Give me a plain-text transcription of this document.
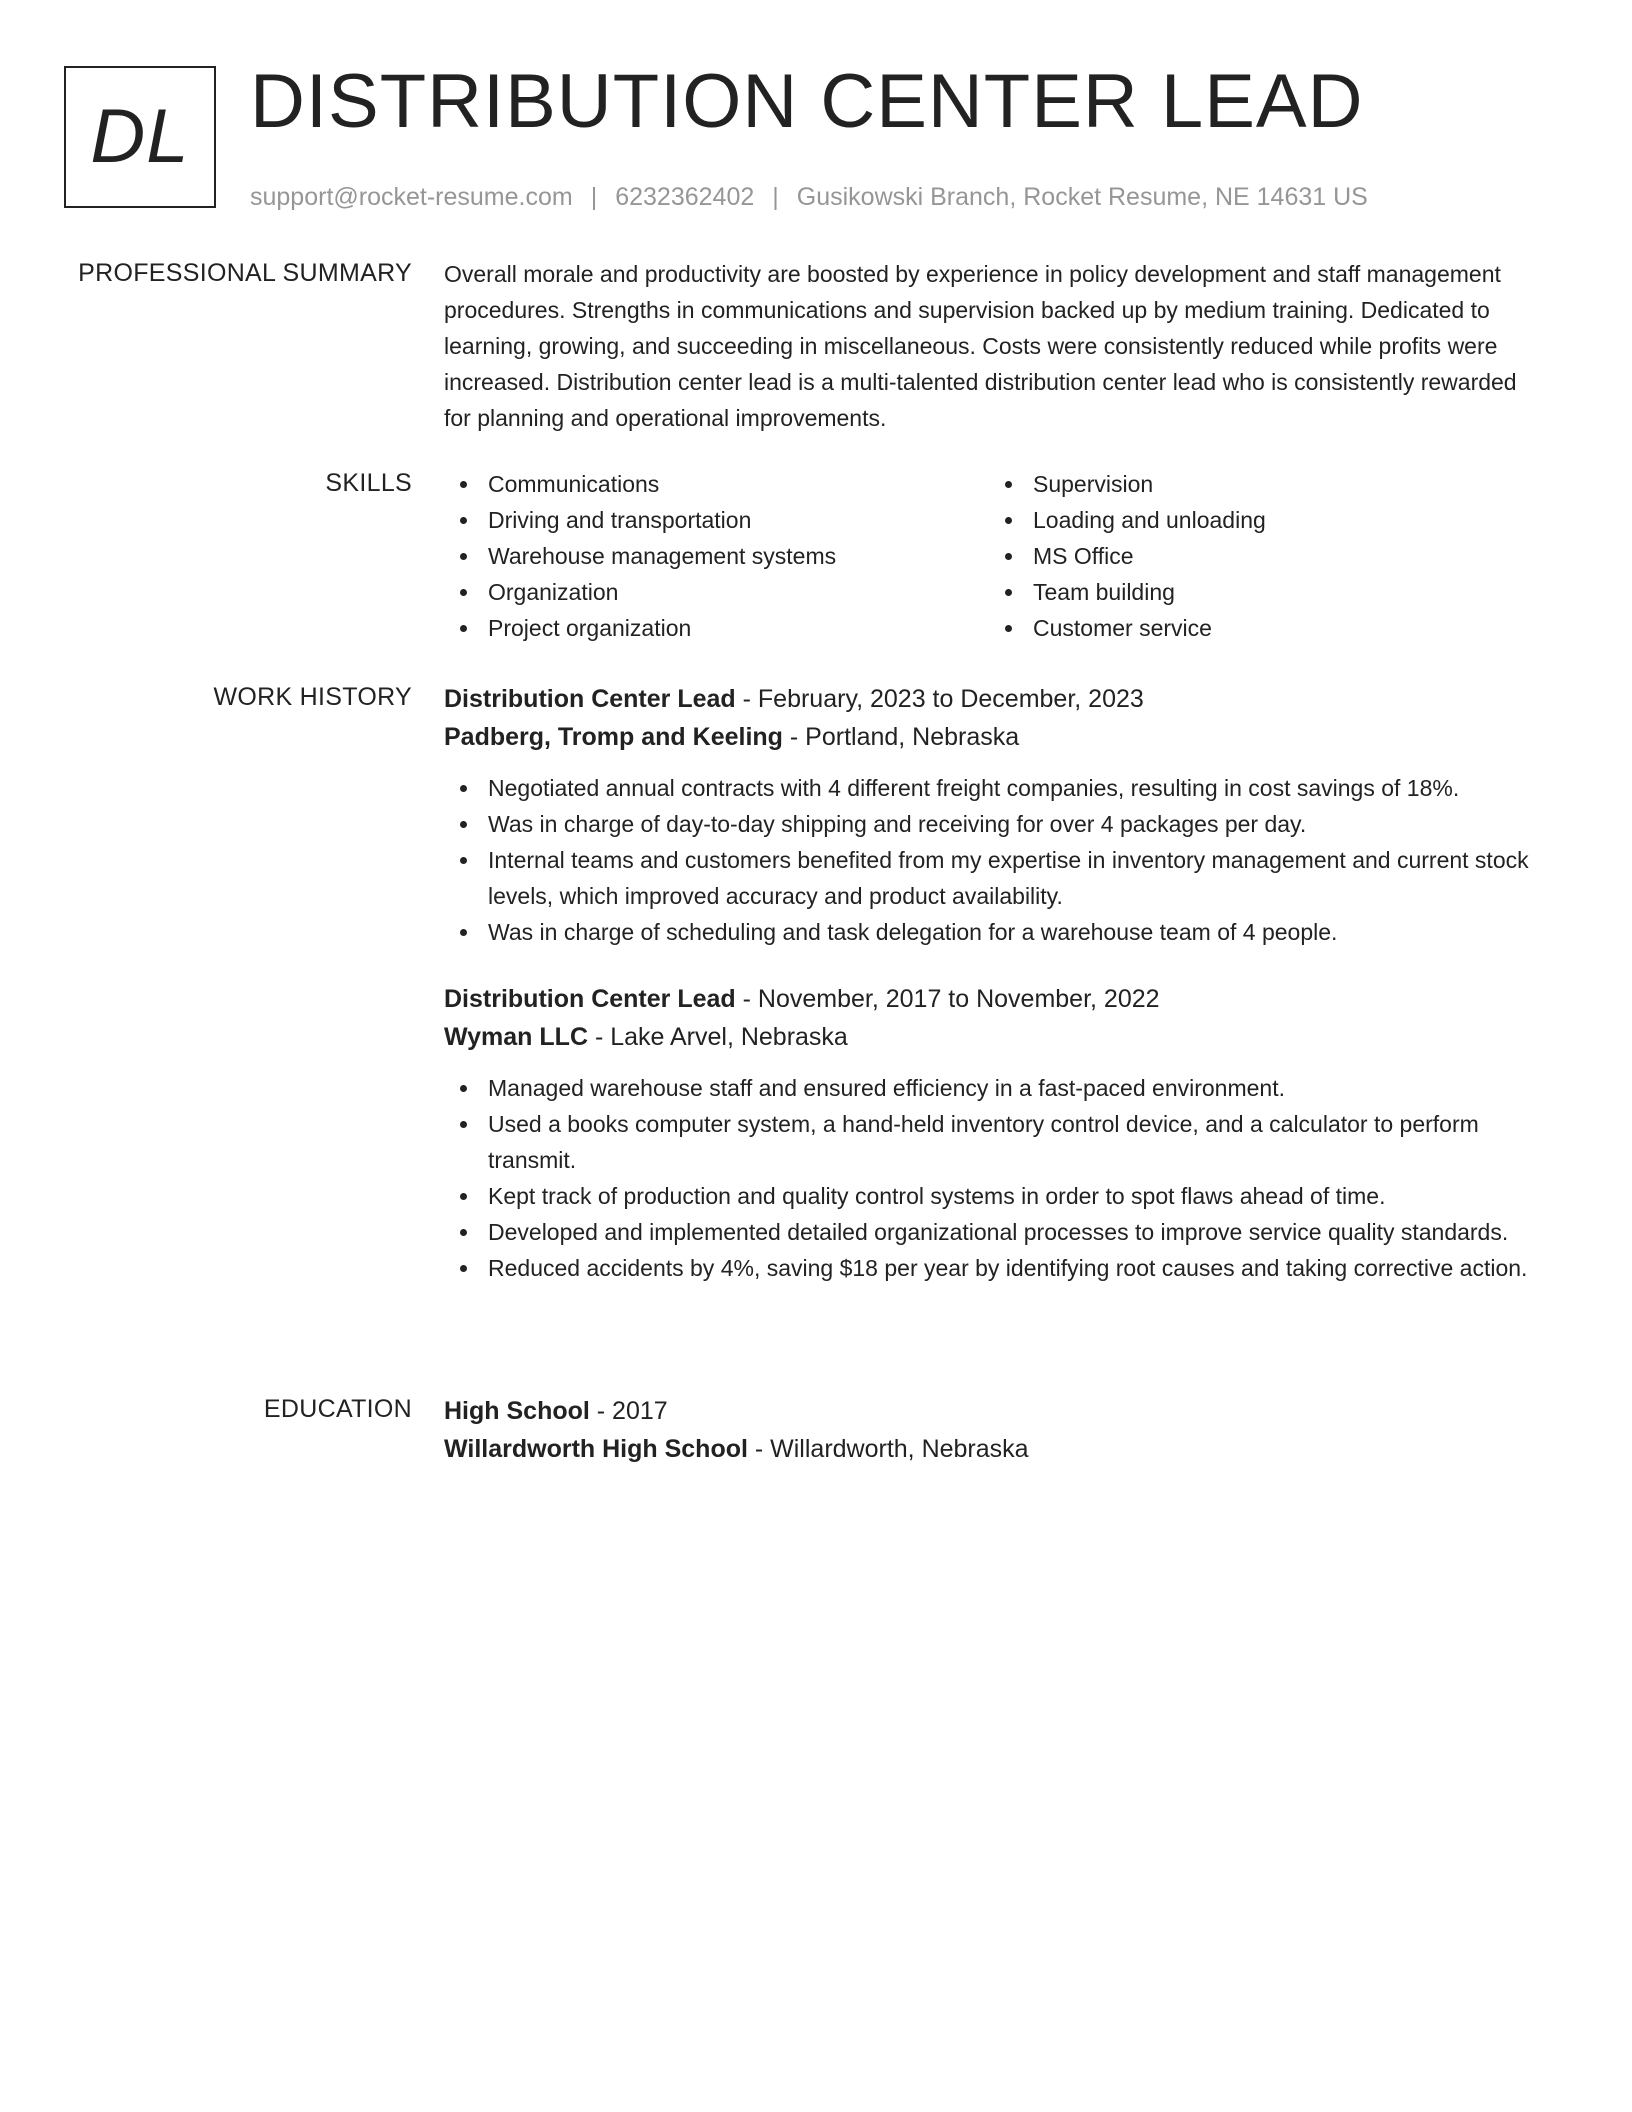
DL DISTRIBUTION CENTER LEAD
support@rocket-resume.com | 6232362402 | Gusikowski Branch, Rocket Resume, NE 14631 US
PROFESSIONAL SUMMARY Overall morale and productivity are boosted by experience in policy development and staff management procedures. Strengths in communications and supervision backed up by medium training. Dedicated to learning, growing, and succeeding in miscellaneous. Costs were consistently reduced while profits were increased. Distribution center lead is a multi-talented distribution center lead who is consistently rewarded for planning and operational improvements.

SKILLS	Communications
Driving and transportation
Warehouse management systems
Organization
Project organization
Supervision
Loading and unloading
MS Office
Team building
Customer service
WORK HISTORY Distribution Center Lead - February, 2023 to December, 2023
Padberg, Tromp and Keeling - Portland, Nebraska
Negotiated annual contracts with 4 different freight companies, resulting in cost savings of 18%.
Was in charge of day-to-day shipping and receiving for over 4 packages per day.
Internal teams and customers benefited from my expertise in inventory management and current stock levels, which improved accuracy and product availability.
Was in charge of scheduling and task delegation for a warehouse team of 4 people.
Distribution Center Lead - November, 2017 to November, 2022
Wyman LLC - Lake Arvel, Nebraska
Managed warehouse staff and ensured efficiency in a fast-paced environment.
Used a books computer system, a hand-held inventory control device, and a calculator to perform transmit.
Kept track of production and quality control systems in order to spot flaws ahead of time.
Developed and implemented detailed organizational processes to improve service quality standards.
Reduced accidents by 4%, saving $18 per year by identifying root causes and taking corrective action.
EDUCATION High School - 2017
Willardworth High School - Willardworth, Nebraska
